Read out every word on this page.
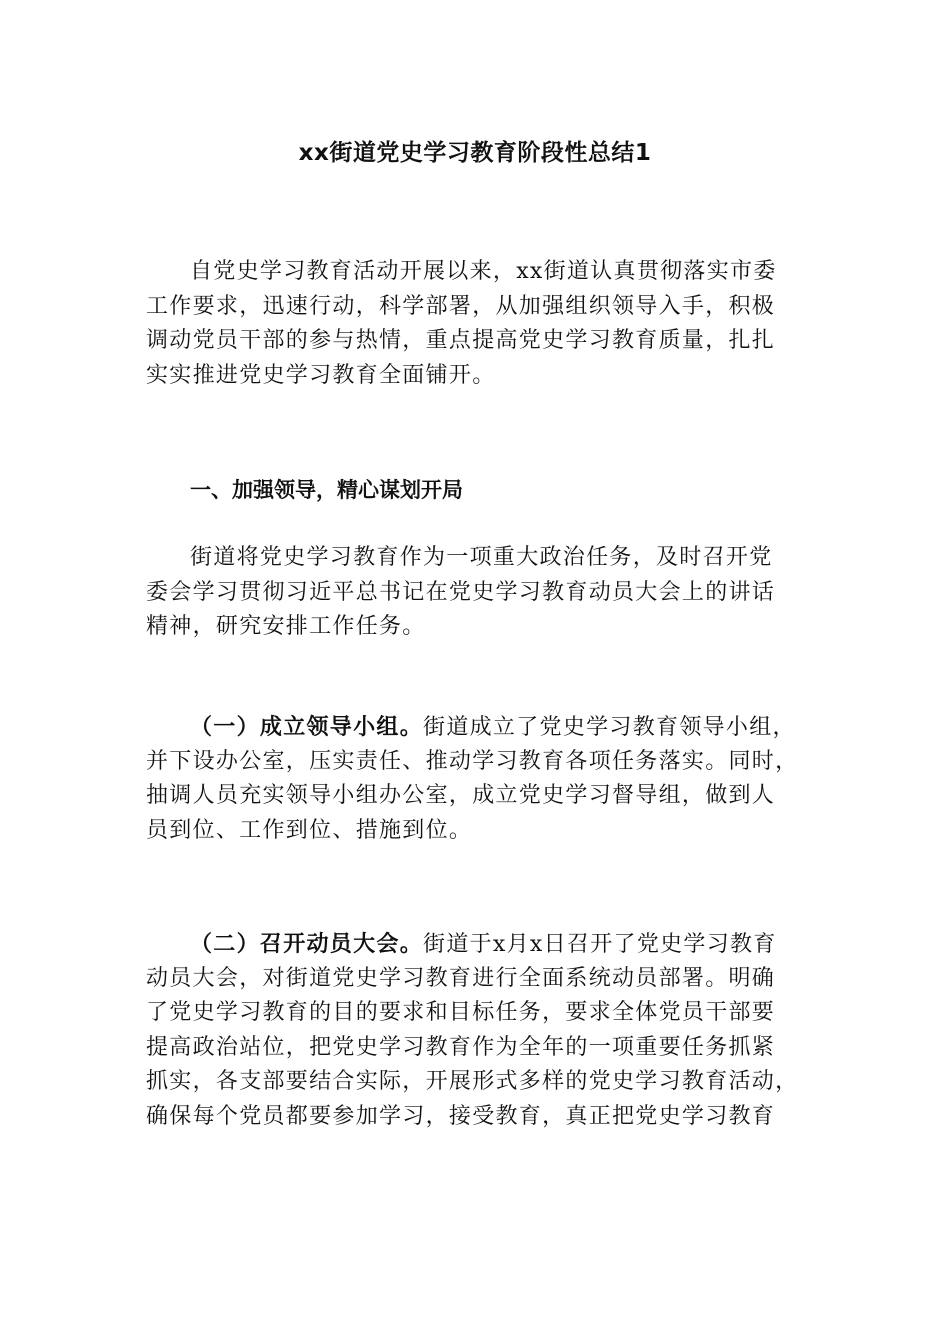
xx街道党史学习教育阶段性总结1
自党史学习教育活动开展以来，xx街道认真贯彻落实市委
工作要求，迅速行动，科学部署，从加强组织领导入手，积极
调动党员干部的参与热情，重点提高党史学习教育质量，扎扎
实实推进党史学习教育全面铺开。
一、加强领导，精心谋划开局
街道将党史学习教育作为一项重大政治任务，及时召开党
委会学习贯彻习近平总书记在党史学习教育动员大会上的讲话
精神，研究安排工作任务。
（一）成立领导小组。街道成立了党史学习教育领导小组，
并下设办公室，压实责任、推动学习教育各项任务落实。同时，
抽调人员充实领导小组办公室，成立党史学习督导组，做到人
员到位、工作到位、措施到位。
（二）召开动员大会。街道于x月x日召开了党史学习教育
动员大会，对街道党史学习教育进行全面系统动员部署。明确
了党史学习教育的目的要求和目标任务，要求全体党员干部要
提高政治站位，把党史学习教育作为全年的一项重要任务抓紧
抓实，各支部要结合实际，开展形式多样的党史学习教育活动，
确保每个党员都要参加学习，接受教育，真正把党史学习教育
